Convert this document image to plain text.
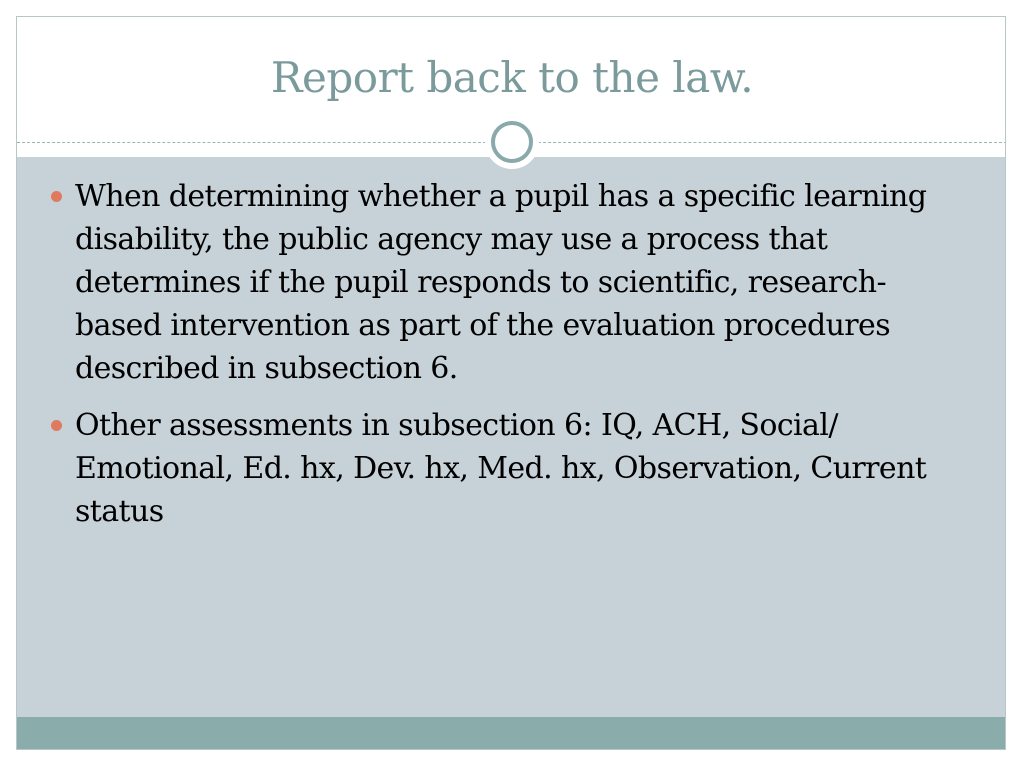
Report back to the law.
When determining whether a pupil has a specific learning disability, the public agency may use a process that determines if the pupil responds to scientific, research-based intervention as part of the evaluation procedures described in subsection 6.
Other assessments in subsection 6: IQ, ACH, Social/ Emotional, Ed. hx, Dev. hx, Med. hx, Observation, Current status
